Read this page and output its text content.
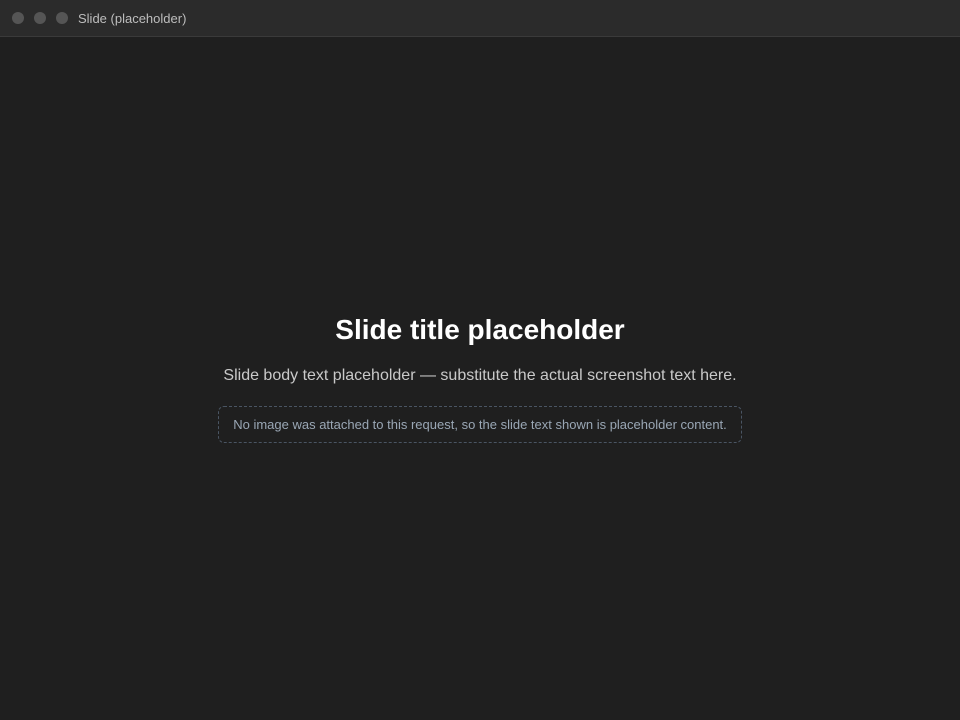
Slide (placeholder)
Slide title placeholder

Slide body text placeholder — substitute the actual screenshot text here.

No image was attached to this request, so the slide text shown is placeholder content.
